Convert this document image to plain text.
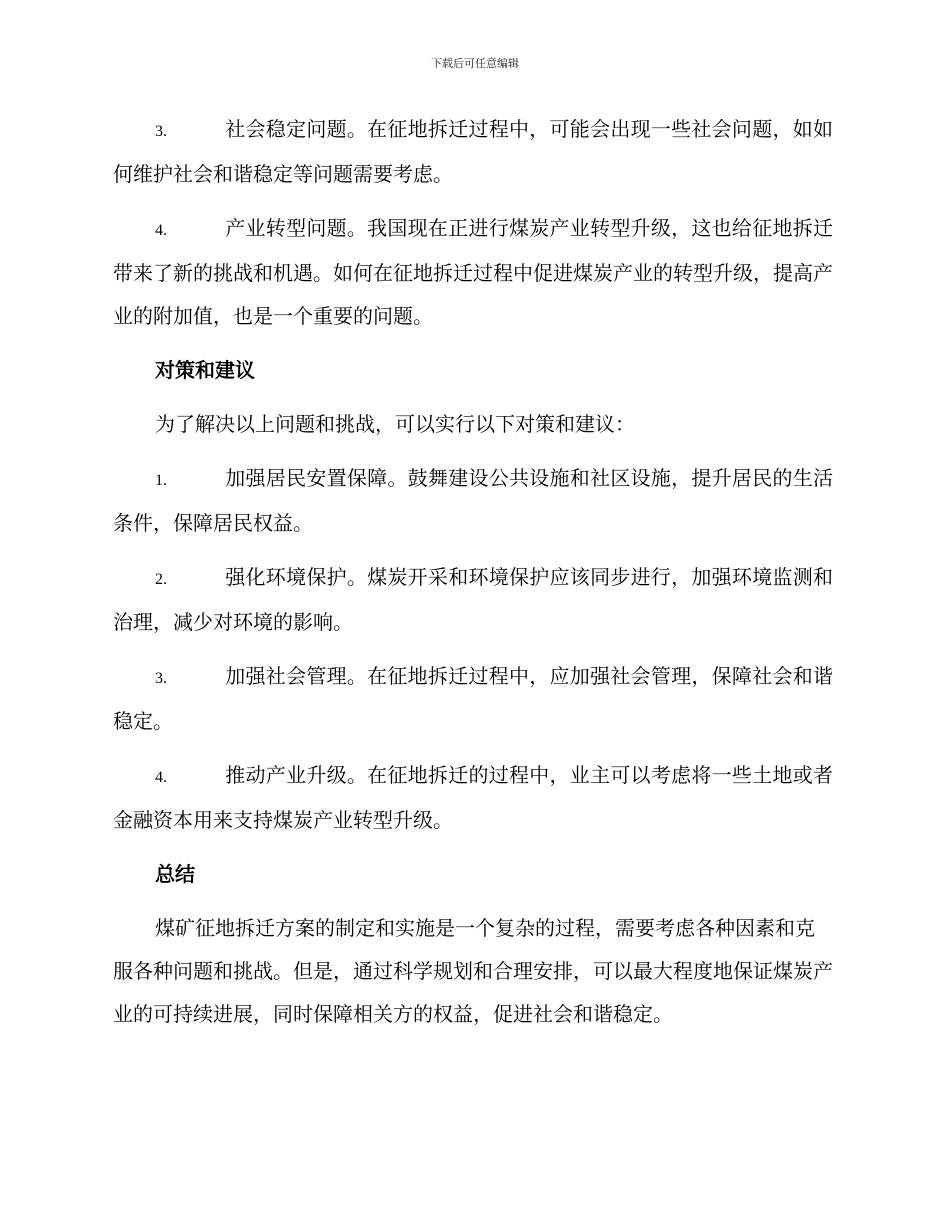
下载后可任意编辑
3.	社会稳定问题。在征地拆迁过程中，可能会出现一些社会问题，如如何维护社会和谐稳定等问题需要考虑。
4.	产业转型问题。我国现在正进行煤炭产业转型升级，这也给征地拆迁带来了新的挑战和机遇。如何在征地拆迁过程中促进煤炭产业的转型升级，提高产业的附加值，也是一个重要的问题。
对策和建议
为了解决以上问题和挑战，可以实行以下对策和建议：
1.	加强居民安置保障。鼓舞建设公共设施和社区设施，提升居民的生活条件，保障居民权益。
2.	强化环境保护。煤炭开采和环境保护应该同步进行，加强环境监测和治理，减少对环境的影响。
3.	加强社会管理。在征地拆迁过程中，应加强社会管理，保障社会和谐稳定。
4.	推动产业升级。在征地拆迁的过程中，业主可以考虑将一些土地或者金融资本用来支持煤炭产业转型升级。
总结
煤矿征地拆迁方案的制定和实施是一个复杂的过程，需要考虑各种因素和克服各种问题和挑战。但是，通过科学规划和合理安排，可以最大程度地保证煤炭产业的可持续进展，同时保障相关方的权益，促进社会和谐稳定。
